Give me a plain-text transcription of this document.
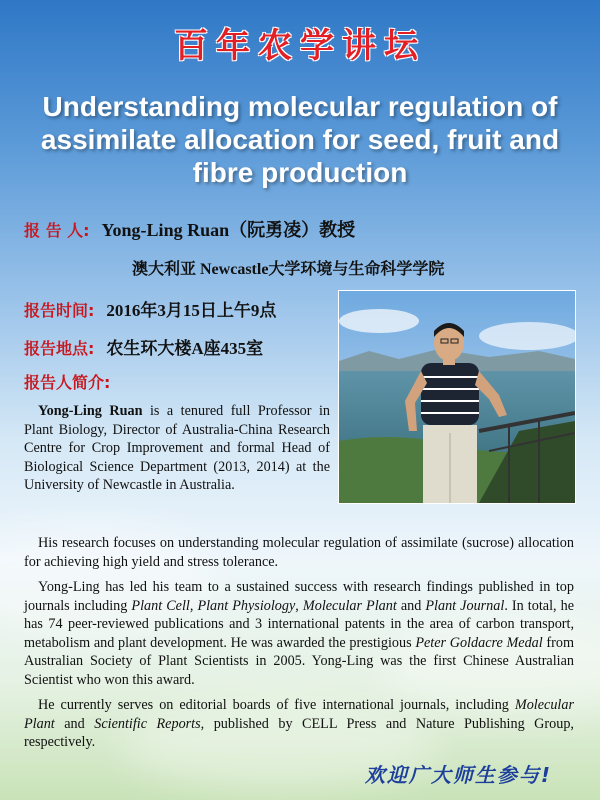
百年农学讲坛
Understanding molecular regulation of assimilate allocation for seed, fruit and fibre production
报 告 人: Yong-Ling Ruan（阮勇凌）教授
澳大利亚 Newcastle大学环境与生命科学学院
报告时间: 2016年3月15日上午9点
报告地点: 农生环大楼A座435室
报告人简介:

Yong-Ling Ruan is a tenured full Professor in Plant Biology, Director of Australia-China Research Centre for Crop Improvement and formal Head of Biological Science Department (2013, 2014) at the University of Newcastle in Australia.

His research focuses on understanding molecular regulation of assimilate (sucrose) allocation for achieving high yield and stress tolerance.

Yong-Ling has led his team to a sustained success with research findings published in top journals including Plant Cell, Plant Physiology, Molecular Plant and Plant Journal. In total, he has 74 peer-reviewed publications and 3 international patents in the area of carbon transport, metabolism and plant development. He was awarded the prestigious Peter Goldacre Medal from Australian Society of Plant Scientists in 2005. Yong-Ling was the first Chinese Australian Scientist who won this award.

He currently serves on editorial boards of five international journals, including Molecular Plant and Scientific Reports, published by CELL Press and Nature Publishing Group, respectively.

欢迎广大师生参与!
